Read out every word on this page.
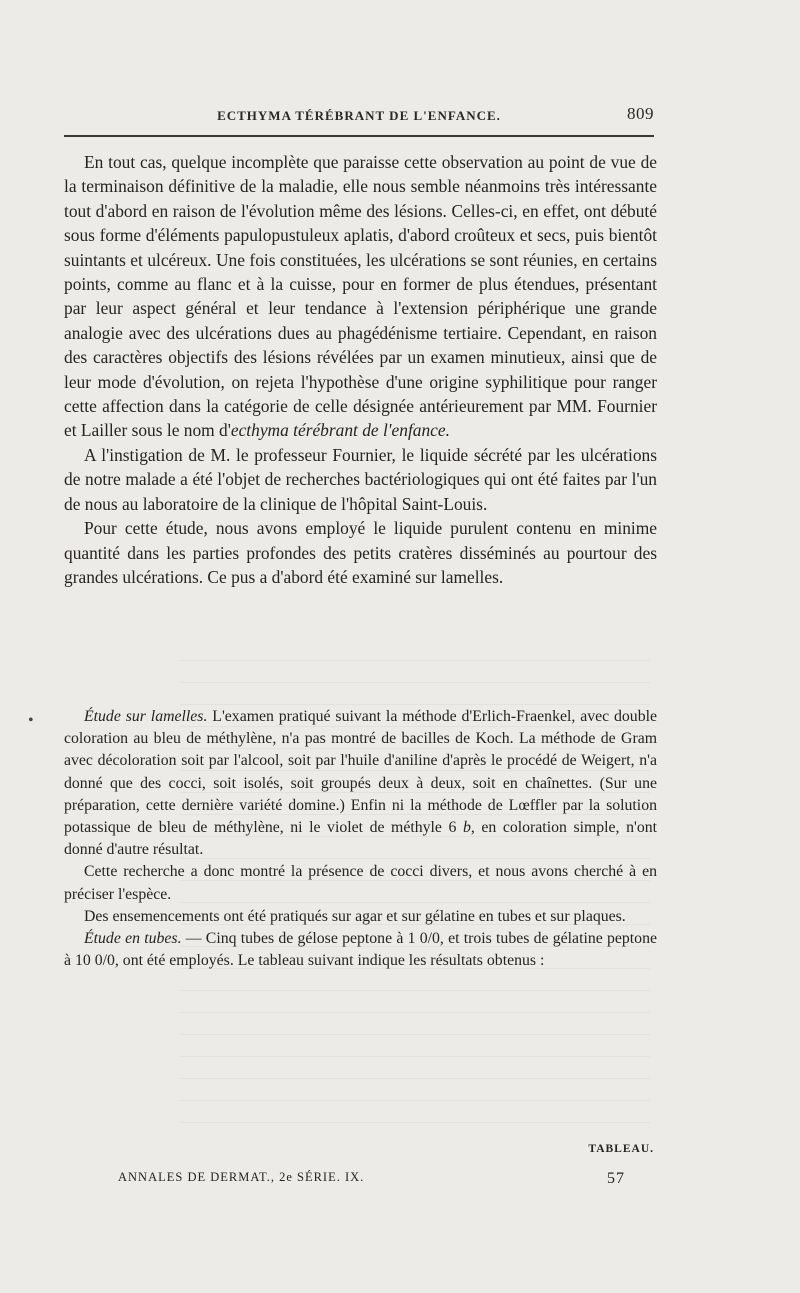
ECTHYMA TÉRÉBRANT DE L'ENFANCE.	809

En tout cas, quelque incomplète que paraisse cette observation au point de vue de la terminaison définitive de la maladie, elle nous semble néanmoins très intéressante tout d'abord en raison de l'évolution même des lésions. Celles-ci, en effet, ont débuté sous forme d'éléments papulopustuleux aplatis, d'abord croûteux et secs, puis bientôt suintants et ulcéreux. Une fois constituées, les ulcérations se sont réunies, en certains points, comme au flanc et à la cuisse, pour en former de plus étendues, présentant par leur aspect général et leur tendance à l'extension périphérique une grande analogie avec des ulcérations dues au phagédénisme tertiaire. Cependant, en raison des caractères objectifs des lésions révélées par un examen minutieux, ainsi que de leur mode d'évolution, on rejeta l'hypothèse d'une origine syphilitique pour ranger cette affection dans la catégorie de celle désignée antérieurement par MM. Fournier et Lailler sous le nom d'ecthyma térébrant de l'enfance.

A l'instigation de M. le professeur Fournier, le liquide sécrété par les ulcérations de notre malade a été l'objet de recherches bactériologiques qui ont été faites par l'un de nous au laboratoire de la clinique de l'hôpital Saint-Louis.

Pour cette étude, nous avons employé le liquide purulent contenu en minime quantité dans les parties profondes des petits cratères disséminés au pourtour des grandes ulcérations. Ce pus a d'abord été examiné sur lamelles.

•	Étude sur lamelles. L'examen pratiqué suivant la méthode d'Erlich-Fraenkel, avec double coloration au bleu de méthylène, n'a pas montré de bacilles de Koch. La méthode de Gram avec décoloration soit par l'alcool, soit par l'huile d'aniline d'après le procédé de Weigert, n'a donné que des cocci, soit isolés, soit groupés deux à deux, soit en chaînettes. (Sur une préparation, cette dernière variété domine.) Enfin ni la méthode de Lœffler par la solution potassique de bleu de méthylène, ni le violet de méthyle 6 b, en coloration simple, n'ont donné d'autre résultat.

Cette recherche a donc montré la présence de cocci divers, et nous avons cherché à en préciser l'espèce.

Des ensemencements ont été pratiqués sur agar et sur gélatine en tubes et sur plaques.

Étude en tubes. — Cinq tubes de gélose peptone à 1 0/0, et trois tubes de gélatine peptone à 10 0/0, ont été employés. Le tableau suivant indique les résultats obtenus :

TABLEAU.
ANNALES DE DERMAT., 2e SÉRIE. IX.	57
